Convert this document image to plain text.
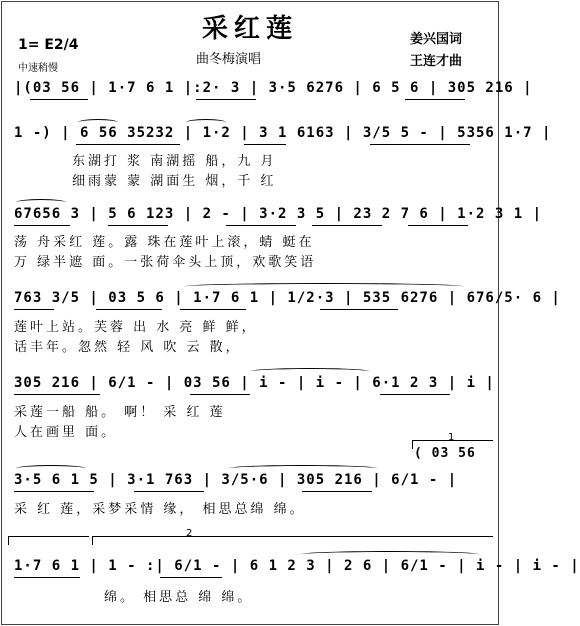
采红莲
曲冬梅演唱
1= E2/4
中速稍慢
姜兴国词
王连才曲
|(03 56 | 1·7 6 1 |:2· 3 | 3·5 6276 | 6 5 6 | 305 216 |
1 -) | 6 56 35232 | 1·2 | 3 1 6163 | 3/5 5 - | 5356 1·7 |
东湖打 浆 南湖摇 船，九 月
细雨蒙 蒙 湖面生 烟，千 红
67656 3 | 5 6 123 | 2 - | 3·2 3 5 | 23 2 7 6 | 1·2 3 1 |
荡 舟采红 莲。露 珠在莲叶上滚，蜻 蜓在
万 绿半遮 面。一张荷伞头上顶，欢歌笑语
763 3/5 | 03 5 6 | 1·7 6 1 | 1/2·3 | 535 6276 | 676/5· 6 |
莲叶上站。芙蓉 出 水 亮 鲜 鲜，
话丰年。忽然 轻 风 吹 云 散，
305 216 | 6/1 - | 03 56 | i - | i - | 6·1 2 3 | i |
采莲一船 船。 啊！ 采 红 莲
人在画里 面。	1
( 03 56
3·5 6 1 5 | 3·1 763 | 3/5·6 | 305 216 | 6/1 - |
采 红 莲，采梦采情 缘， 相思总绵 绵。
2
1·7 6 1 | 1 - :| 6/1 - | 6 1 2 3 | 2 6 | 6/1 - | i - | i - |
绵。 相思总 绵 绵。
